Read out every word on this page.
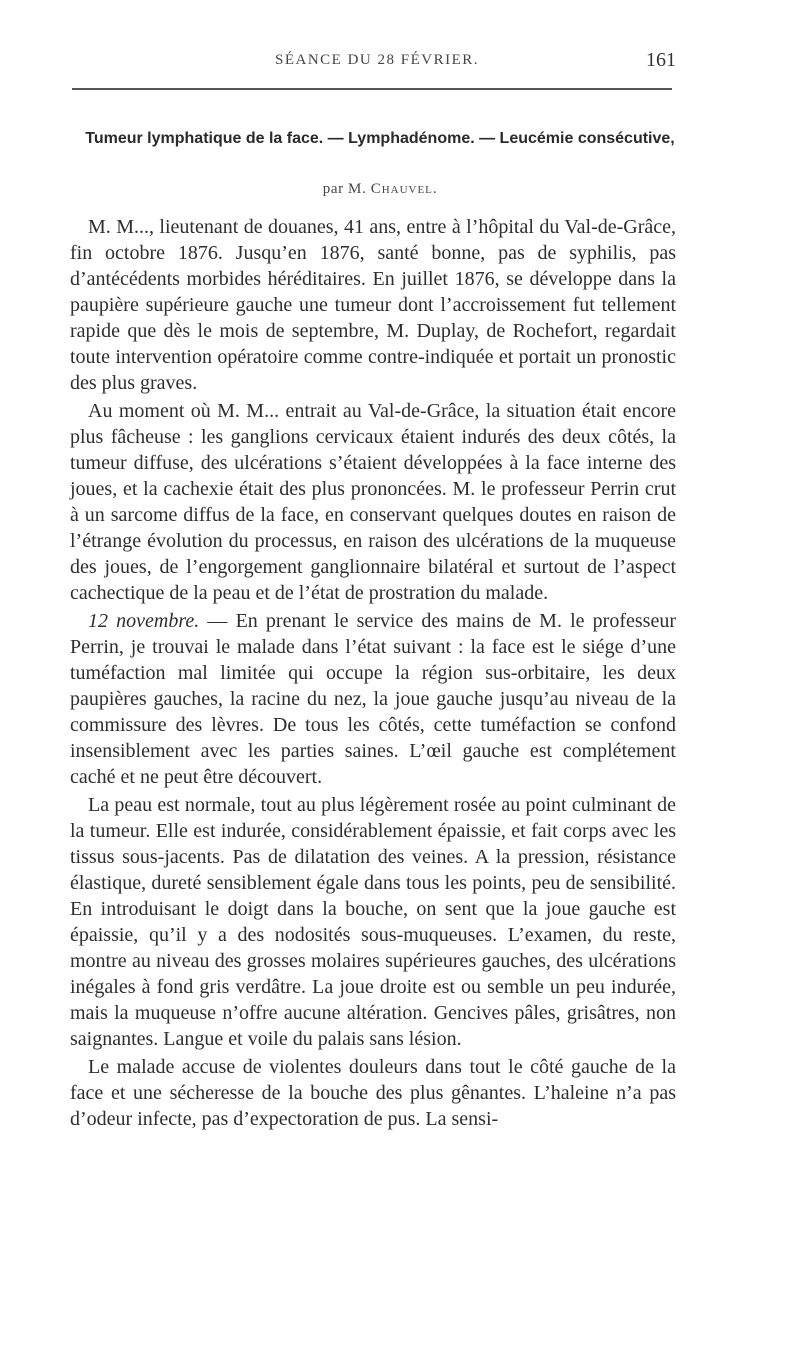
SÉANCE DU 28 FÉVRIER.	161
Tumeur lymphatique de la face. — Lymphadénome. — Leucémie consécutive,
par M. Chauvel.

M. M..., lieutenant de douanes, 41 ans, entre à l’hôpital du Val-de-Grâce, fin octobre 1876. Jusqu’en 1876, santé bonne, pas de syphilis, pas d’antécédents morbides héréditaires. En juillet 1876, se développe dans la paupière supérieure gauche une tumeur dont l’accroissement fut tellement rapide que dès le mois de septembre, M. Duplay, de Rochefort, regardait toute intervention opératoire comme contre-indiquée et portait un pronostic des plus graves.

Au moment où M. M... entrait au Val-de-Grâce, la situation était encore plus fâcheuse : les ganglions cervicaux étaient indurés des deux côtés, la tumeur diffuse, des ulcérations s’étaient développées à la face interne des joues, et la cachexie était des plus prononcées. M. le professeur Perrin crut à un sarcome diffus de la face, en conservant quelques doutes en raison de l’étrange évolution du processus, en raison des ulcérations de la muqueuse des joues, de l’engorgement ganglionnaire bilatéral et surtout de l’aspect cachectique de la peau et de l’état de prostration du malade.

12 novembre. — En prenant le service des mains de M. le professeur Perrin, je trouvai le malade dans l’état suivant : la face est le siége d’une tuméfaction mal limitée qui occupe la région sus-orbitaire, les deux paupières gauches, la racine du nez, la joue gauche jusqu’au niveau de la commissure des lèvres. De tous les côtés, cette tuméfaction se confond insensiblement avec les parties saines. L’œil gauche est complétement caché et ne peut être découvert.

La peau est normale, tout au plus légèrement rosée au point culminant de la tumeur. Elle est indurée, considérablement épaissie, et fait corps avec les tissus sous-jacents. Pas de dilatation des veines. A la pression, résistance élastique, dureté sensiblement égale dans tous les points, peu de sensibilité. En introduisant le doigt dans la bouche, on sent que la joue gauche est épaissie, qu’il y a des nodosités sous-muqueuses. L’examen, du reste, montre au niveau des grosses molaires supérieures gauches, des ulcérations inégales à fond gris verdâtre. La joue droite est ou semble un peu indurée, mais la muqueuse n’offre aucune altération. Gencives pâles, grisâtres, non saignantes. Langue et voile du palais sans lésion.

Le malade accuse de violentes douleurs dans tout le côté gauche de la face et une sécheresse de la bouche des plus gênantes. L’haleine n’a pas d’odeur infecte, pas d’expectoration de pus. La sensi-
